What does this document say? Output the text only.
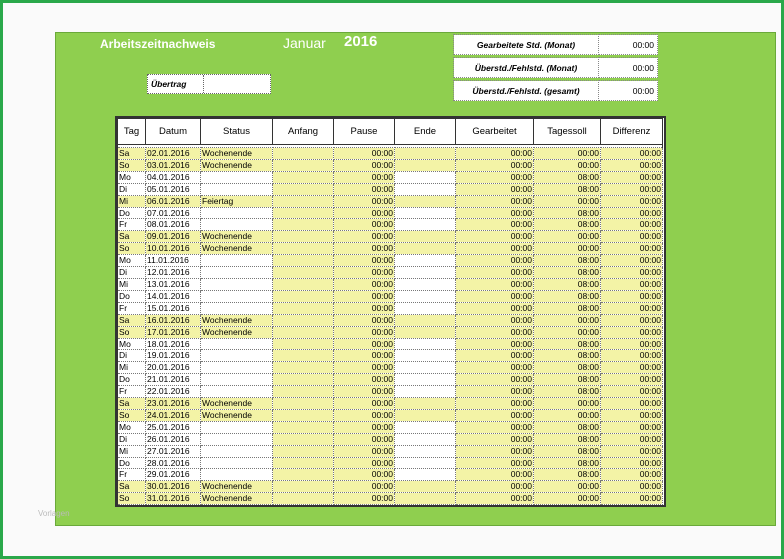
Arbeitszeitnachweis	Januar 2016	Gearbeitete Std. (Monat)	00:00

Überstd./Fehlstd. (Monat)	00:00

Überstd./Fehlstd. (gesamt)	00:00
Übertrag
Tag	Datum	Status	Anfang	Pause	Ende	Gearbeitet	Tagessoll	Differenz

Sa	02.01.2016	Wochenende		00:00		00:00	00:00	00:00
So	03.01.2016	Wochenende		00:00		00:00	00:00	00:00
Mo	04.01.2016			00:00		00:00	08:00	00:00
Di	05.01.2016			00:00		00:00	08:00	00:00
Mi	06.01.2016	Feiertag		00:00		00:00	00:00	00:00
Do	07.01.2016			00:00		00:00	08:00	00:00
Fr	08.01.2016			00:00		00:00	08:00	00:00
Sa	09.01.2016	Wochenende		00:00		00:00	00:00	00:00
So	10.01.2016	Wochenende		00:00		00:00	00:00	00:00
Mo	11.01.2016			00:00		00:00	08:00	00:00
Di	12.01.2016			00:00		00:00	08:00	00:00
Mi	13.01.2016			00:00		00:00	08:00	00:00
Do	14.01.2016			00:00		00:00	08:00	00:00
Fr	15.01.2016			00:00		00:00	08:00	00:00
Sa	16.01.2016	Wochenende		00:00		00:00	00:00	00:00
So	17.01.2016	Wochenende		00:00		00:00	00:00	00:00
Mo	18.01.2016			00:00		00:00	08:00	00:00
Di	19.01.2016			00:00		00:00	08:00	00:00
Mi	20.01.2016			00:00		00:00	08:00	00:00
Do	21.01.2016			00:00		00:00	08:00	00:00
Fr	22.01.2016			00:00		00:00	08:00	00:00
Sa	23.01.2016	Wochenende		00:00		00:00	00:00	00:00
So	24.01.2016	Wochenende		00:00		00:00	00:00	00:00
Mo	25.01.2016			00:00		00:00	08:00	00:00
Di	26.01.2016			00:00		00:00	08:00	00:00
Mi	27.01.2016			00:00		00:00	08:00	00:00
Do	28.01.2016			00:00		00:00	08:00	00:00
Fr	29.01.2016			00:00		00:00	08:00	00:00
Sa	30.01.2016	Wochenende		00:00		00:00	00:00	00:00
So	31.01.2016	Wochenende		00:00		00:00	00:00	00:00
Vorlagen
